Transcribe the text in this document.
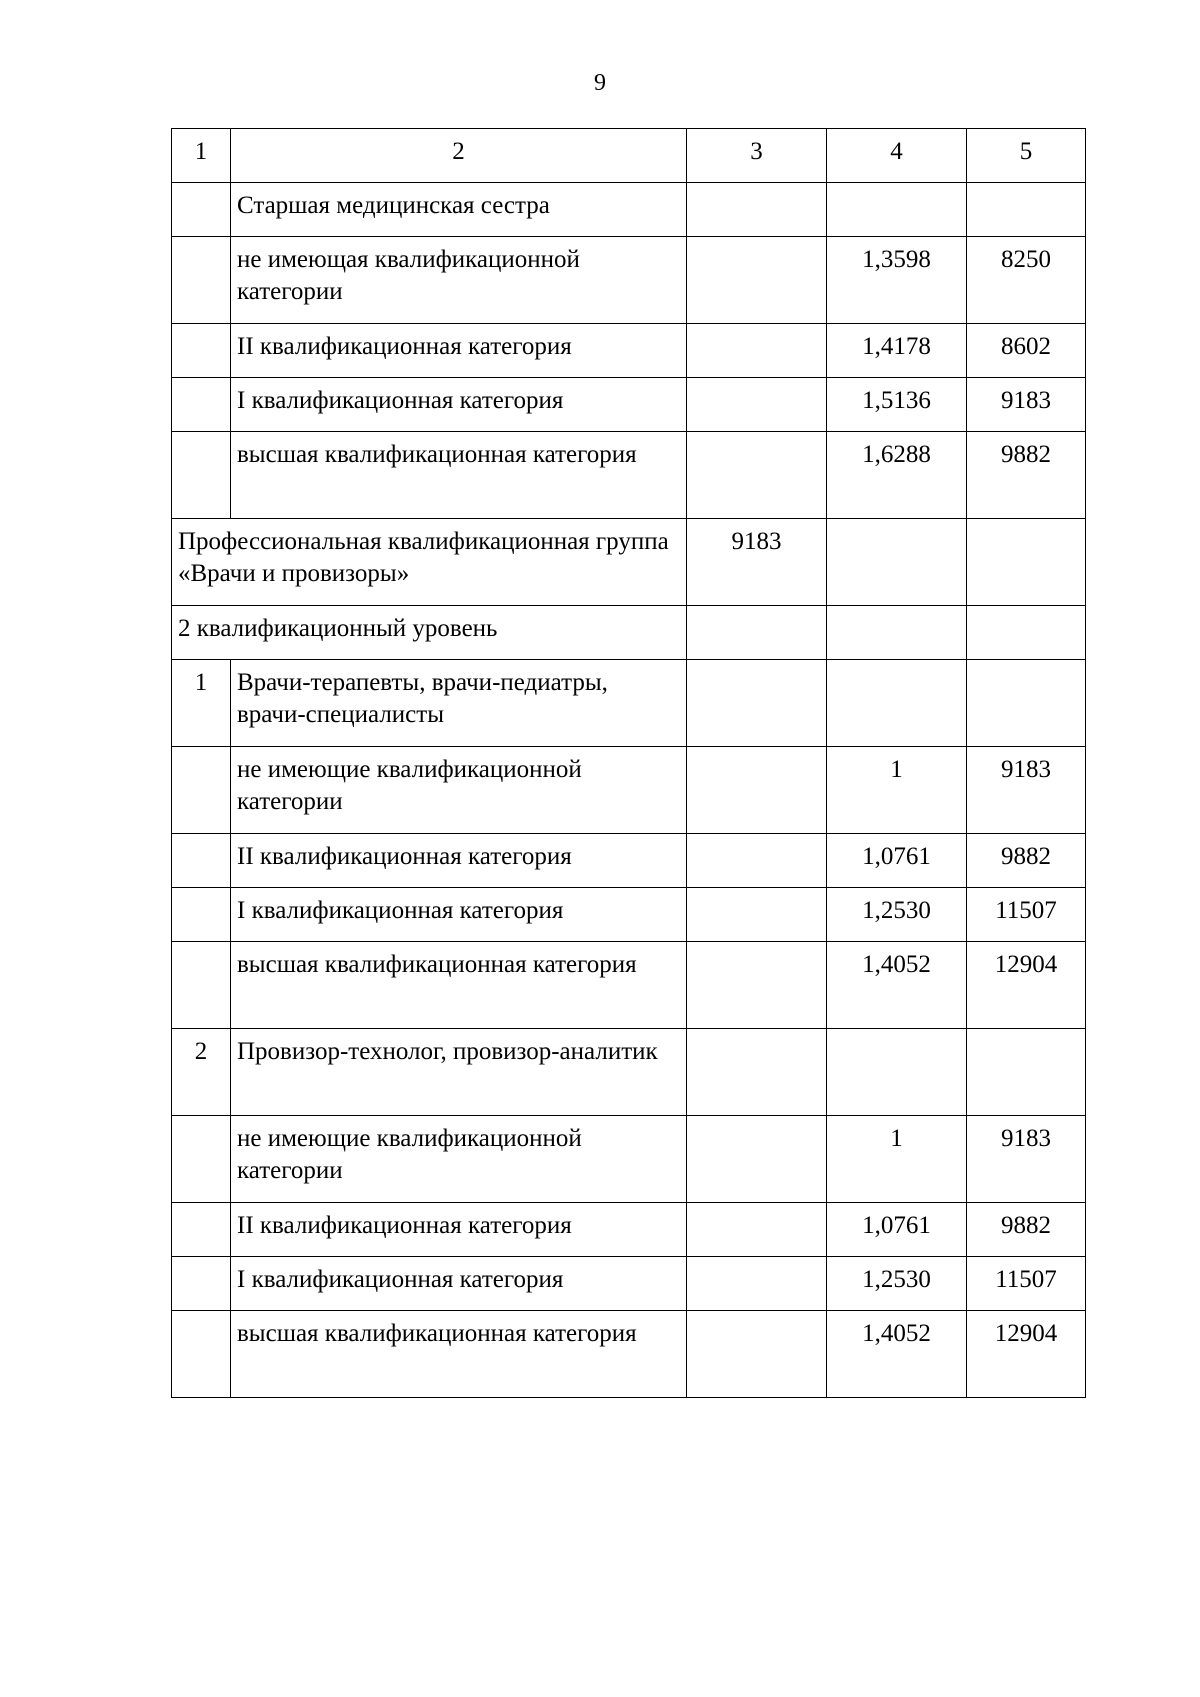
9
1	2	3	4	5
	Старшая медицинская сестра			
	не имеющая квалификационной категории		1,3598	8250
	II квалификационная категория		1,4178	8602
	I квалификационная категория		1,5136	9183
	высшая квалификационная категория		1,6288	9882
Профессиональная квалификационная группа «Врачи и провизоры»		9183		
2 квалификационный уровень				
1	Врачи-терапевты, врачи-педиатры, врачи-специалисты			
	не имеющие квалификационной категории		1	9183
	II квалификационная категория		1,0761	9882
	I квалификационная категория		1,2530	11507
	высшая квалификационная категория		1,4052	12904
2	Провизор-технолог, провизор-аналитик			
	не имеющие квалификационной категории		1	9183
	II квалификационная категория		1,0761	9882
	I квалификационная категория		1,2530	11507
	высшая квалификационная категория		1,4052	12904
